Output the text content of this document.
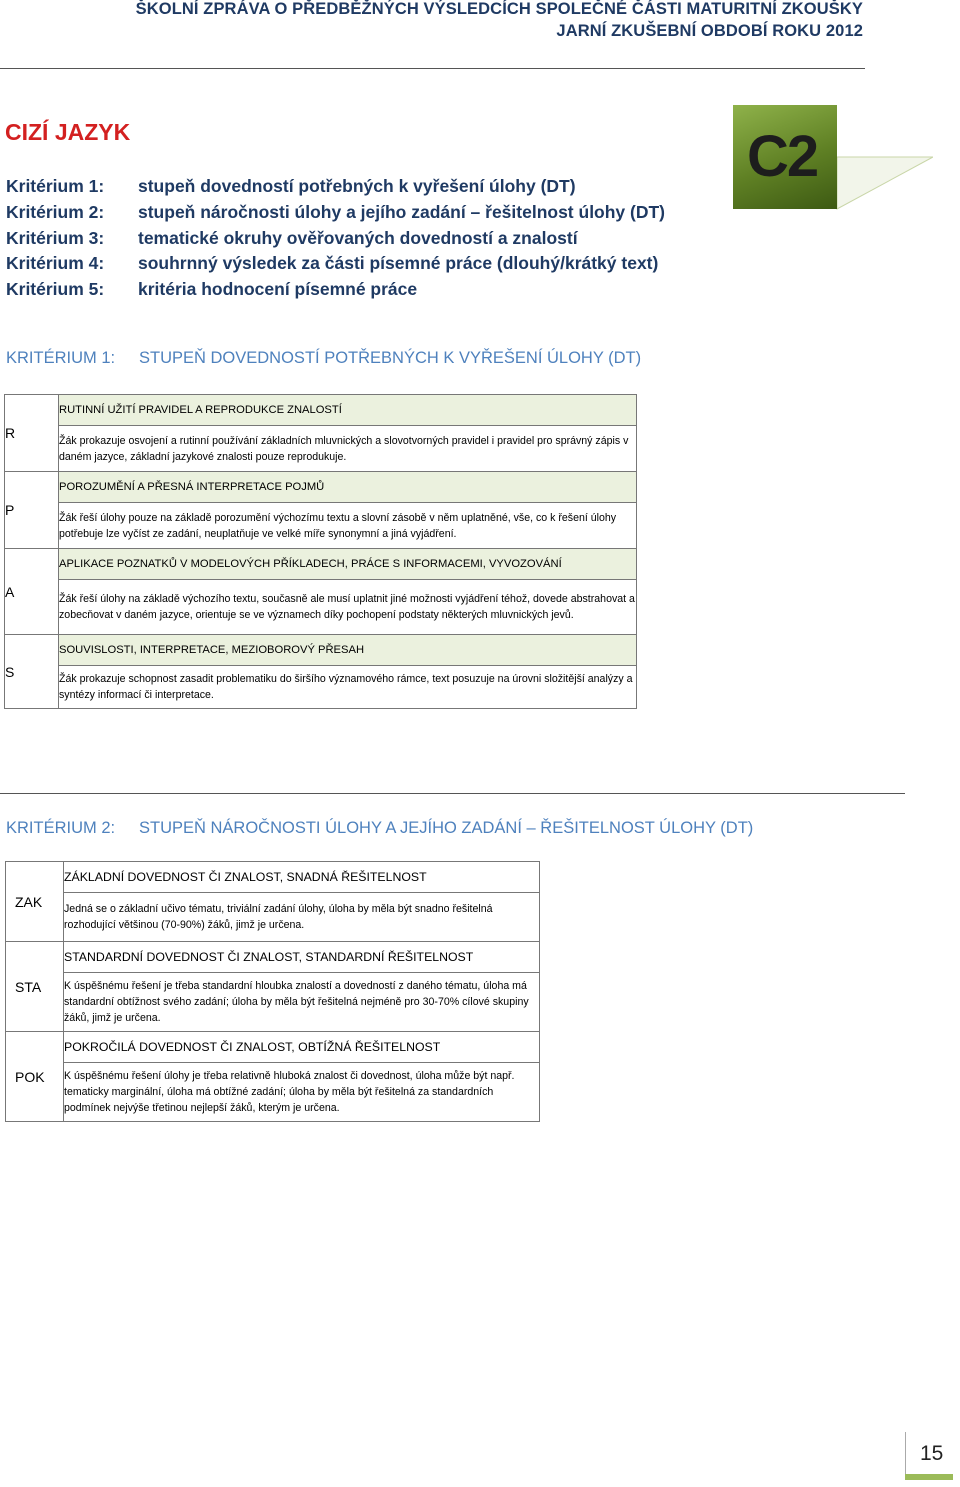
ŠKOLNÍ ZPRÁVA O PŘEDBĚŽNÝCH VÝSLEDCÍCH SPOLEČNÉ ČÁSTI MATURITNÍ ZKOUŠKY
JARNÍ ZKUŠEBNÍ OBDOBÍ ROKU 2012
CIZÍ JAZYK
Kritérium 1: stupeň dovedností potřebných k vyřešení úlohy (DT)
Kritérium 2: stupeň náročnosti úlohy a jejího zadání – řešitelnost úlohy (DT)
Kritérium 3: tematické okruhy ověřovaných dovedností a znalostí
Kritérium 4: souhrnný výsledek za části písemné práce (dlouhý/krátký text)
Kritérium 5: kritéria hodnocení písemné práce
C2
KRITÉRIUM 1: STUPEŇ DOVEDNOSTÍ POTŘEBNÝCH K VYŘEŠENÍ ÚLOHY (DT)
R	RUTINNÍ UŽITÍ PRAVIDEL A REPRODUKCE ZNALOSTÍ
	Žák prokazuje osvojení a rutinní používání základních mluvnických a slovotvorných pravidel i pravidel pro správný zápis v daném jazyce, základní jazykové znalosti pouze reprodukuje.
P	POROZUMĚNÍ A PŘESNÁ INTERPRETACE POJMŮ
	Žák řeší úlohy pouze na základě porozumění výchozímu textu a slovní zásobě v něm uplatněné, vše, co k řešení úlohy potřebuje lze vyčíst ze zadání, neuplatňuje ve velké míře synonymní a jiná vyjádření.
A	APLIKACE POZNATKŮ V MODELOVÝCH PŘÍKLADECH, PRÁCE S INFORMACEMI, VYVOZOVÁNÍ
	Žák řeší úlohy na základě výchozího textu, současně ale musí uplatnit jiné možnosti vyjádření téhož, dovede abstrahovat a zobecňovat v daném jazyce, orientuje se ve významech díky pochopení podstaty některých mluvnických jevů.
S	SOUVISLOSTI, INTERPRETACE, MEZIOBOROVÝ PŘESAH
	Žák prokazuje schopnost zasadit problematiku do širšího významového rámce, text posuzuje na úrovni složitější analýzy a syntézy informací či interpretace.
KRITÉRIUM 2: STUPEŇ NÁROČNOSTI ÚLOHY A JEJÍHO ZADÁNÍ – ŘEŠITELNOST ÚLOHY (DT)
ZAK	ZÁKLADNÍ DOVEDNOST ČI ZNALOST, SNADNÁ ŘEŠITELNOST
	Jedná se o základní učivo tématu, triviální zadání úlohy, úloha by měla být snadno řešitelná rozhodující většinou (70-90%) žáků, jimž je určena.
STA	STANDARDNÍ DOVEDNOST ČI ZNALOST, STANDARDNÍ ŘEŠITELNOST
	K úspěšnému řešení je třeba standardní hloubka znalostí a dovedností z daného tématu, úloha má standardní obtížnost svého zadání; úloha by měla být řešitelná nejméně pro 30-70% cílové skupiny žáků, jimž je určena.
POK	POKROČILÁ DOVEDNOST ČI ZNALOST, OBTÍŽNÁ ŘEŠITELNOST
	K úspěšnému řešení úlohy je třeba relativně hluboká znalost či dovednost, úloha může být např. tematicky marginální, úloha má obtížné zadání; úloha by měla být řešitelná za standardních podmínek nejvýše třetinou nejlepší žáků, kterým je určena.
15
